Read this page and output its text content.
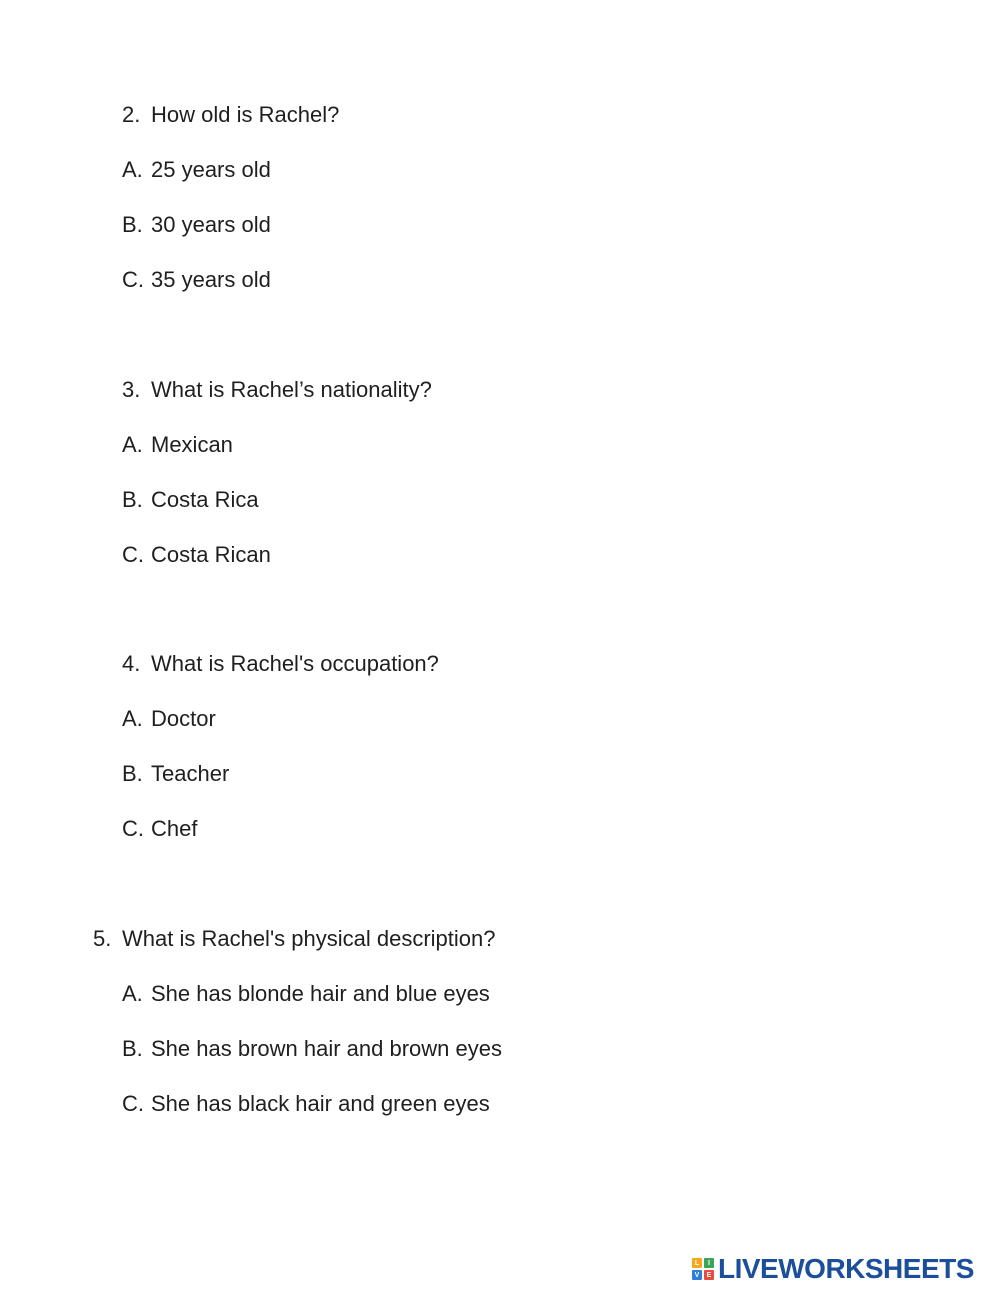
2. How old is Rachel?
A. 25 years old
B. 30 years old
C. 35 years old
3. What is Rachel’s nationality?
A. Mexican
B. Costa Rica
C. Costa Rican
4. What is Rachel's occupation?
A. Doctor
B. Teacher
C. Chef
5. What is Rachel's physical description?
A. She has blonde hair and blue eyes
B. She has brown hair and brown eyes
C. She has black hair and green eyes
L	I
V	E LIVEWORKSHEETS
